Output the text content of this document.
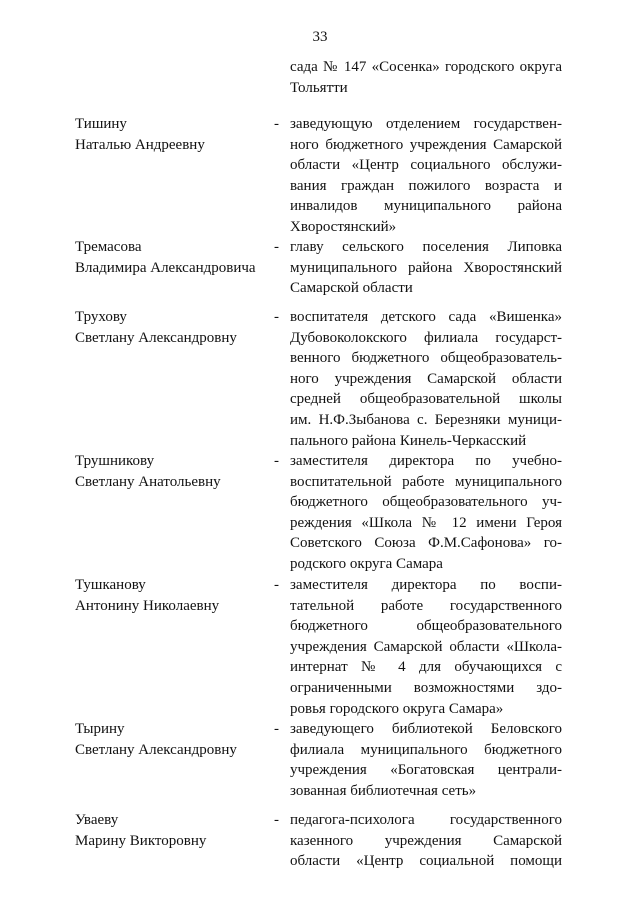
33
сада № 147 «Сосенка» городского округа
Тольятти
Тишину
Наталью Андреевну
- заведующую отделением государствен-
ного бюджетного учреждения Самарской
области «Центр социального обслужи-
вания граждан пожилого возраста и
инвалидов муниципального района
Хворостянский»
Тремасова
Владимира Александровича
- главу сельского поселения Липовка
муниципального района Хворостянский
Самарской области
Трухову
Светлану Александровну
- воспитателя детского сада «Вишенка»
Дубовоколокского филиала государст-
венного бюджетного общеобразователь-
ного учреждения Самарской области
средней общеобразовательной школы
им. Н.Ф.Зыбанова с. Березняки муници-
пального района Кинель-Черкасский
Трушникову
Светлану Анатольевну
- заместителя директора по учебно-
воспитательной работе муниципального
бюджетного общеобразовательного уч-
реждения «Школа № 12 имени Героя
Советского Союза Ф.М.Сафонова» го-
родского округа Самара
Тушканову
Антонину Николаевну
- заместителя директора по воспи-
тательной работе государственного
бюджетного общеобразовательного
учреждения Самарской области «Школа-
интернат № 4 для обучающихся с
ограниченными возможностями здо-
ровья городского округа Самара»
Тырину
Светлану Александровну
- заведующего библиотекой Беловского
филиала муниципального бюджетного
учреждения «Богатовская централи-
зованная библиотечная сеть»
Уваеву
Марину Викторовну
- педагога-психолога государственного
казенного учреждения Самарской
области «Центр социальной помощи
